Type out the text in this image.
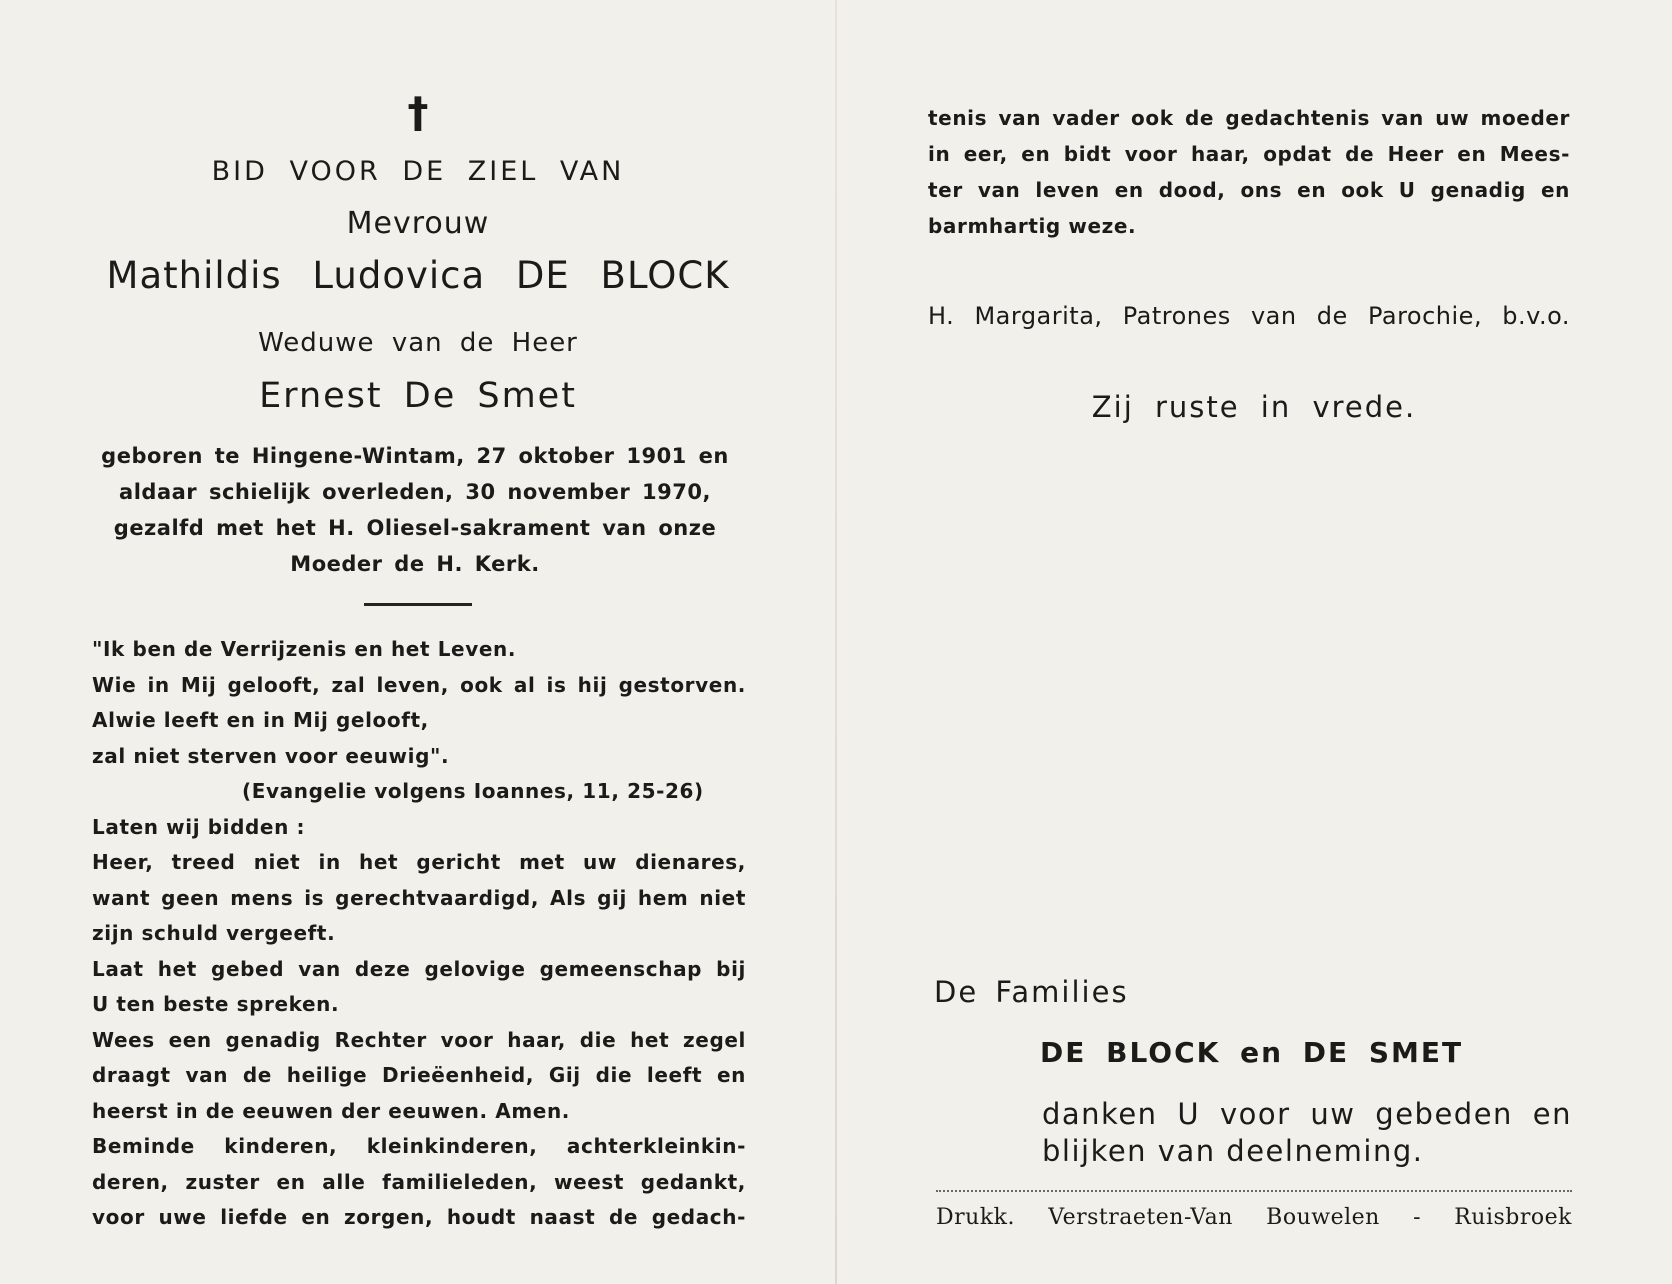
†
BID VOOR DE ZIEL VAN
Mevrouw
Mathildis Ludovica DE BLOCK
Weduwe van de Heer
Ernest De Smet
geboren te Hingene-Wintam, 27 oktober 1901 en
aldaar schielijk overleden, 30 november 1970,
gezalfd met het H. Oliesel-sakrament van onze
Moeder de H. Kerk.
"Ik ben de Verrijzenis en het Leven.
Wie in Mij gelooft, zal leven, ook al is hij gestorven.
Alwie leeft en in Mij gelooft,
zal niet sterven voor eeuwig".
(Evangelie volgens Ioannes, 11, 25-26)
Laten wij bidden :
Heer, treed niet in het gericht met uw dienares,
want geen mens is gerechtvaardigd, Als gij hem niet
zijn schuld vergeeft.
Laat het gebed van deze gelovige gemeenschap bij
U ten beste spreken.
Wees een genadig Rechter voor haar, die het zegel
draagt van de heilige Drieëenheid, Gij die leeft en
heerst in de eeuwen der eeuwen. Amen.
Beminde kinderen, kleinkinderen, achterkleinkin-
deren, zuster en alle familieleden, weest gedankt,
voor uwe liefde en zorgen, houdt naast de gedach-
tenis van vader ook de gedachtenis van uw moeder
in eer, en bidt voor haar, opdat de Heer en Mees-
ter van leven en dood, ons en ook U genadig en
barmhartig weze.
H. Margarita, Patrones van de Parochie, b.v.o.
Zij ruste in vrede.
De Families
DE BLOCK en DE SMET
danken U voor uw gebeden en
blijken van deelneming.
Drukk. Verstraeten-Van Bouwelen - Ruisbroek
